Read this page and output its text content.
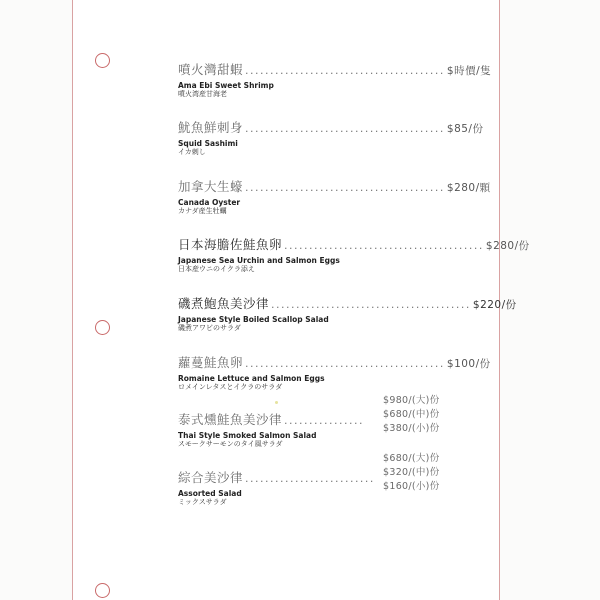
噴火灣甜蝦 ........................................ $時價/隻
Ama Ebi Sweet Shrimp
噴火湾産甘海老
魷魚鮮刺身 ........................................ $85/份
Squid Sashimi
イカ刺し
加拿大生蠔 ........................................ $280/顆
Canada Oyster
カナダ産生牡蠣
日本海膽佐鮭魚卵 ........................................ $280/份
Japanese Sea Urchin and Salmon Eggs
日本産ウニのイクラ添え
磯煮鮑魚美沙律 ........................................ $220/份
Japanese Style Boiled Scallop Salad
磯煮アワビのサラダ
蘿蔓鮭魚卵 ........................................ $100/份
Romaine Lettuce and Salmon Eggs
ロメインレタスとイクラのサラダ
$980/(大)份
$680/(中)份
$380/(小)份
泰式燻鮭魚美沙律 ................
Thai Style Smoked Salmon Salad
スモークサーモンのタイ風サラダ
$680/(大)份
$320/(中)份
$160/(小)份
綜合美沙律 ..........................
Assorted Salad
ミックスサラダ
